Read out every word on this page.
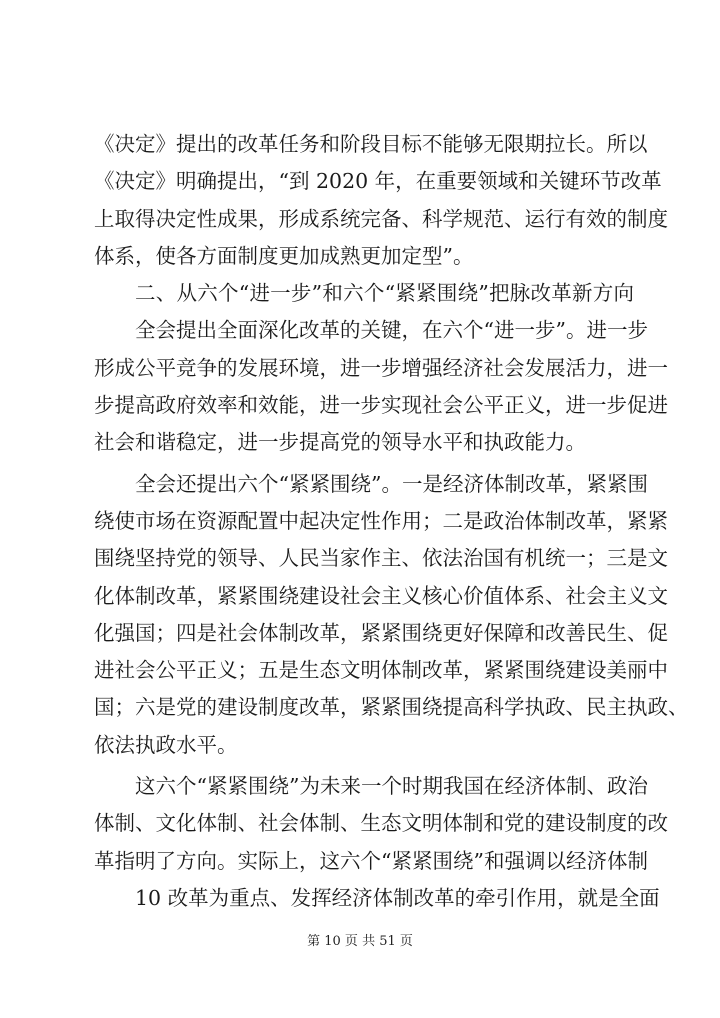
《决定》提出的改革任务和阶段目标不能够无限期拉长。所以
《决定》明确提出，“到 2020 年，在重要领域和关键环节改革
上取得决定性成果，形成系统完备、科学规范、运行有效的制度
体系，使各方面制度更加成熟更加定型”。
二、从六个“进一步”和六个“紧紧围绕”把脉改革新方向
全会提出全面深化改革的关键，在六个“进一步”。进一步
形成公平竞争的发展环境，进一步增强经济社会发展活力，进一
步提高政府效率和效能，进一步实现社会公平正义，进一步促进
社会和谐稳定，进一步提高党的领导水平和执政能力。
全会还提出六个“紧紧围绕”。一是经济体制改革，紧紧围
绕使市场在资源配置中起决定性作用；二是政治体制改革，紧紧
围绕坚持党的领导、人民当家作主、依法治国有机统一；三是文
化体制改革，紧紧围绕建设社会主义核心价值体系、社会主义文
化强国；四是社会体制改革，紧紧围绕更好保障和改善民生、促
进社会公平正义；五是生态文明体制改革，紧紧围绕建设美丽中
国；六是党的建设制度改革，紧紧围绕提高科学执政、民主执政、
依法执政水平。
这六个“紧紧围绕”为未来一个时期我国在经济体制、政治
体制、文化体制、社会体制、生态文明体制和党的建设制度的改
革指明了方向。实际上，这六个“紧紧围绕”和强调以经济体制
10 改革为重点、发挥经济体制改革的牵引作用，就是全面
第 10 页 共 51 页
